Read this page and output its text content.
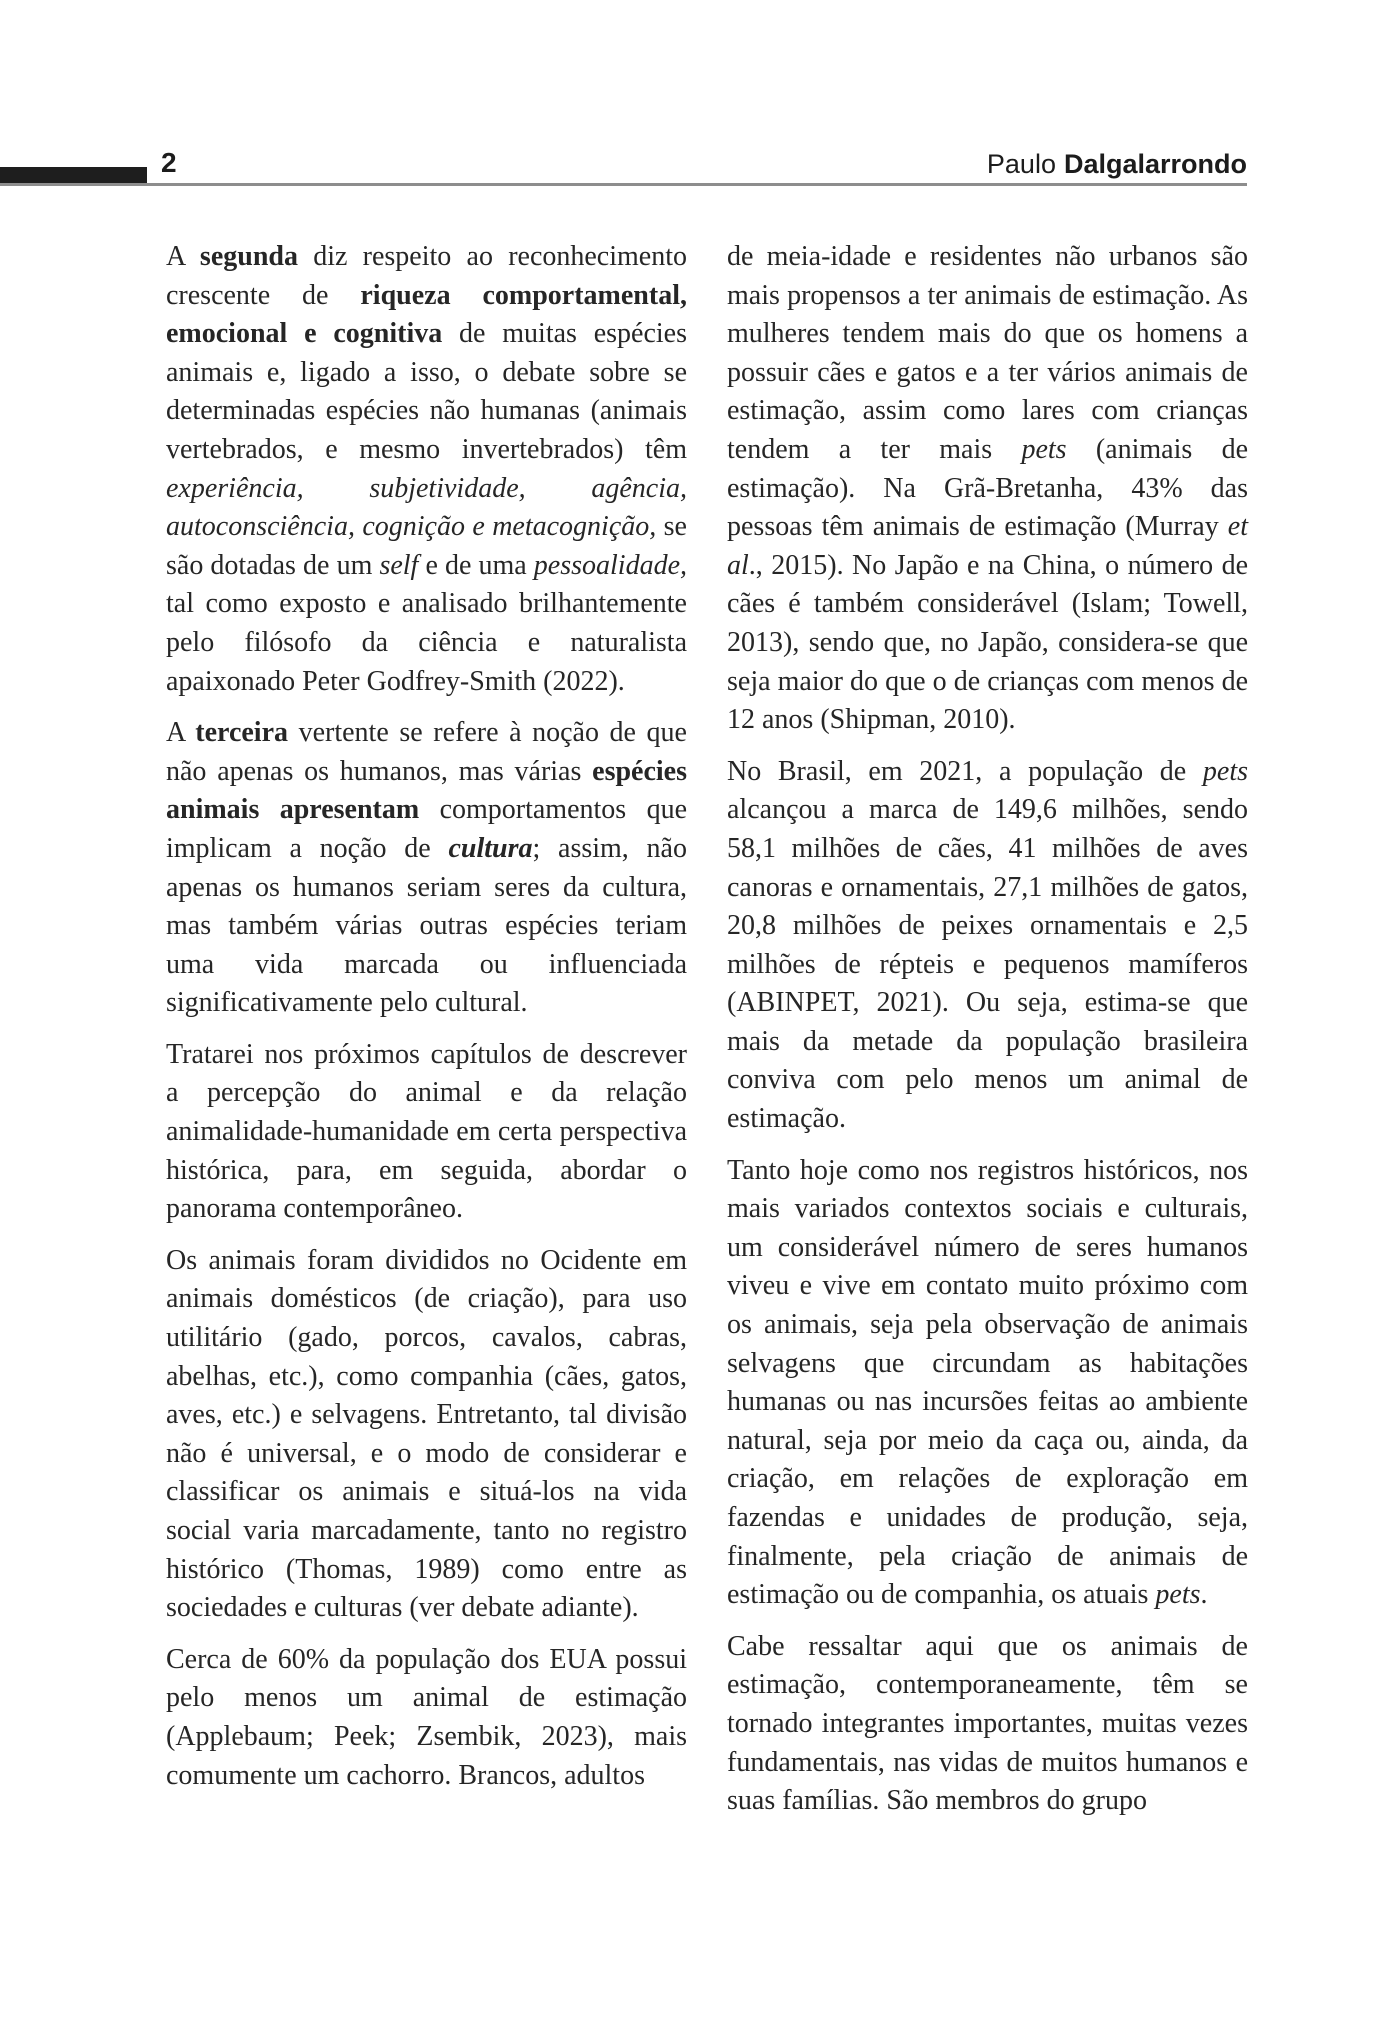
2	Paulo Dalgalarrondo

A segunda diz respeito ao reconhecimento crescente de riqueza comportamental, emocional e cognitiva de muitas espécies animais e, ligado a isso, o debate sobre se determinadas espécies não humanas (animais vertebrados, e mesmo invertebrados) têm experiência, subjetividade, agência, autoconsciência, cognição e metacognição, se são dotadas de um self e de uma pessoalidade, tal como exposto e analisado brilhantemente pelo filósofo da ciência e naturalista apaixonado Peter Godfrey-Smith (2022).

A terceira vertente se refere à noção de que não apenas os humanos, mas várias espécies animais apresentam comportamentos que implicam a noção de cultura; assim, não apenas os humanos seriam seres da cultura, mas também várias outras espécies teriam uma vida marcada ou influenciada significativamente pelo cultural.

Tratarei nos próximos capítulos de descrever a percepção do animal e da relação animalidade-humanidade em certa perspectiva histórica, para, em seguida, abordar o panorama contemporâneo.

Os animais foram divididos no Ocidente em animais domésticos (de criação), para uso utilitário (gado, porcos, cavalos, cabras, abelhas, etc.), como companhia (cães, gatos, aves, etc.) e selvagens. Entretanto, tal divisão não é universal, e o modo de considerar e classificar os animais e situá-los na vida social varia marcadamente, tanto no registro histórico (Thomas, 1989) como entre as sociedades e culturas (ver debate adiante).

Cerca de 60% da população dos EUA possui pelo menos um animal de estimação (Applebaum; Peek; Zsembik, 2023), mais comumente um cachorro. Brancos, adultos

de meia-idade e residentes não urbanos são mais propensos a ter animais de estimação. As mulheres tendem mais do que os homens a possuir cães e gatos e a ter vários animais de estimação, assim como lares com crianças tendem a ter mais pets (animais de estimação). Na Grã-Bretanha, 43% das pessoas têm animais de estimação (Murray et al., 2015). No Japão e na China, o número de cães é também considerável (Islam; Towell, 2013), sendo que, no Japão, considera-se que seja maior do que o de crianças com menos de 12 anos (Shipman, 2010).

No Brasil, em 2021, a população de pets alcançou a marca de 149,6 milhões, sendo 58,1 milhões de cães, 41 milhões de aves canoras e ornamentais, 27,1 milhões de gatos, 20,8 milhões de peixes ornamentais e 2,5 milhões de répteis e pequenos mamíferos (ABINPET, 2021). Ou seja, estima-se que mais da metade da população brasileira conviva com pelo menos um animal de estimação.

Tanto hoje como nos registros históricos, nos mais variados contextos sociais e culturais, um considerável número de seres humanos viveu e vive em contato muito próximo com os animais, seja pela observação de animais selvagens que circundam as habitações humanas ou nas incursões feitas ao ambiente natural, seja por meio da caça ou, ainda, da criação, em relações de exploração em fazendas e unidades de produção, seja, finalmente, pela criação de animais de estimação ou de companhia, os atuais pets.

Cabe ressaltar aqui que os animais de estimação, contemporaneamente, têm se tornado integrantes importantes, muitas vezes fundamentais, nas vidas de muitos humanos e suas famílias. São membros do grupo
